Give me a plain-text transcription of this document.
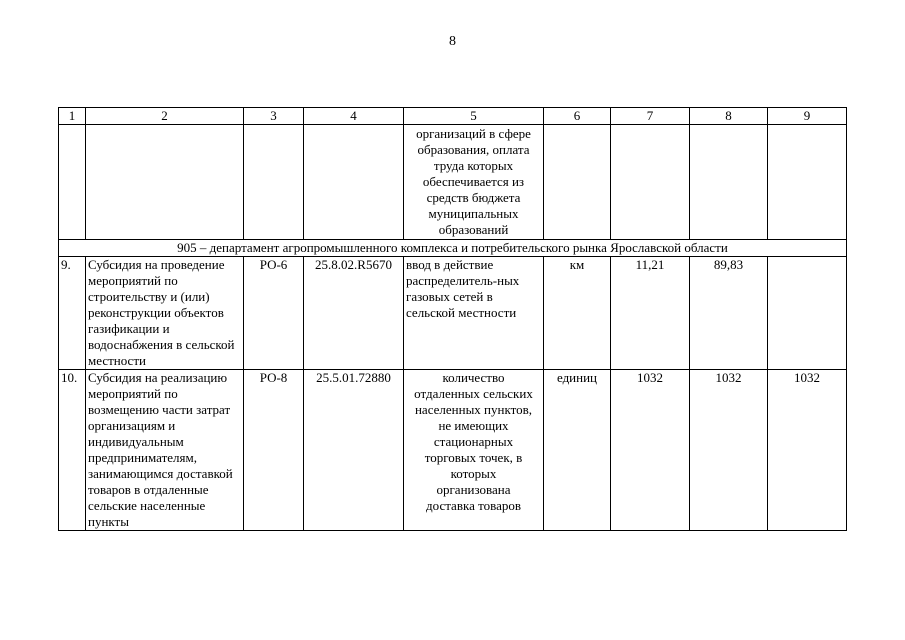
8
1	2	3	4	5	6	7	8	9
				организаций в сфере образования, оплата труда которых обеспечивается из средств бюджета муниципальных образований				
905 – департамент агропромышленного комплекса и потребительского рынка Ярославской области								
9.	Субсидия на проведение мероприятий по строительству и (или) реконструкции объектов газификации и водоснабжения в сельской местности	РО-6	25.8.02.R5670	ввод в действие распределитель-ных газовых сетей в сельской местности	км	11,21	89,83	
10.	Субсидия на реализацию мероприятий по возмещению части затрат организациям и индивидуальным предпринимателям, занимающимся доставкой товаров в отдаленные сельские населенные пункты	РО-8	25.5.01.72880	количество отдаленных сельских населенных пунктов, не имеющих стационарных торговых точек, в которых организована доставка товаров	единиц	1032	1032	1032
